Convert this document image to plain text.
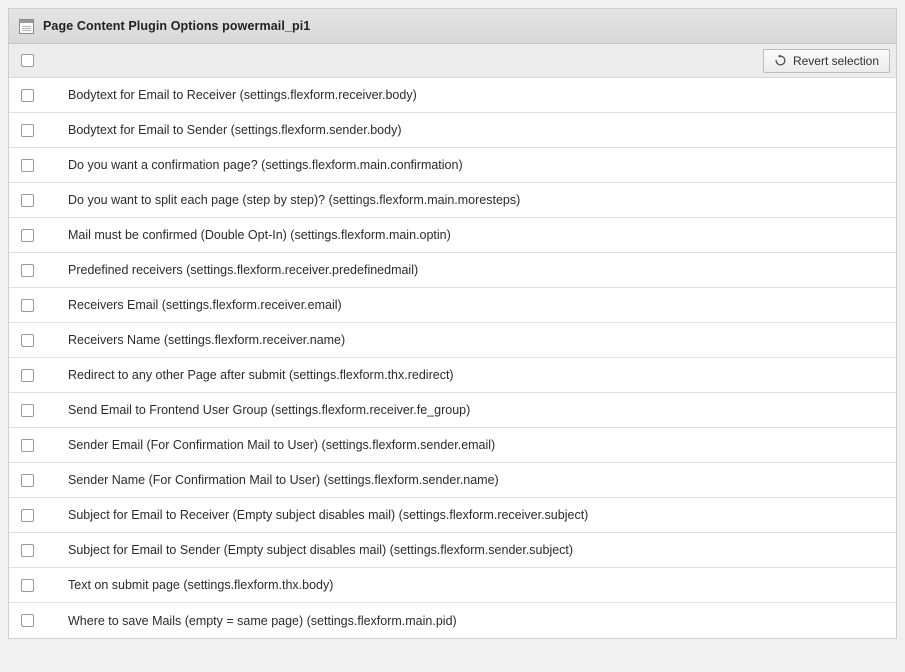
Page Content Plugin Options powermail_pi1
Revert selection
Bodytext for Email to Receiver (settings.flexform.receiver.body)
Bodytext for Email to Sender (settings.flexform.sender.body)
Do you want a confirmation page? (settings.flexform.main.confirmation)
Do you want to split each page (step by step)? (settings.flexform.main.moresteps)
Mail must be confirmed (Double Opt-In) (settings.flexform.main.optin)
Predefined receivers (settings.flexform.receiver.predefinedmail)
Receivers Email (settings.flexform.receiver.email)
Receivers Name (settings.flexform.receiver.name)
Redirect to any other Page after submit (settings.flexform.thx.redirect)
Send Email to Frontend User Group (settings.flexform.receiver.fe_group)
Sender Email (For Confirmation Mail to User) (settings.flexform.sender.email)
Sender Name (For Confirmation Mail to User) (settings.flexform.sender.name)
Subject for Email to Receiver (Empty subject disables mail) (settings.flexform.receiver.subject)
Subject for Email to Sender (Empty subject disables mail) (settings.flexform.sender.subject)
Text on submit page (settings.flexform.thx.body)
Where to save Mails (empty = same page) (settings.flexform.main.pid)
